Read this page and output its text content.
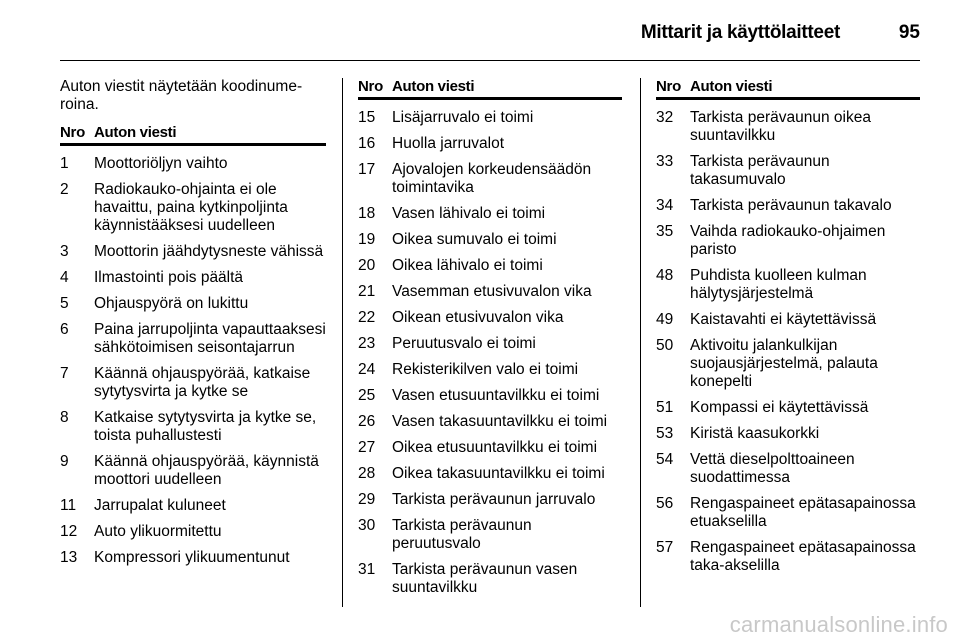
Mittarit ja käyttölaitteet	95

Auton viestit näytetään koodinumeroina.

Nro Auton viesti
1	Moottoriöljyn vaihto
2	Radiokauko-ohjainta ei ole havaittu, paina kytkinpoljinta käynnistääksesi uudelleen
3	Moottorin jäähdytysneste vähissä
4	Ilmastointi pois päältä
5	Ohjauspyörä on lukittu
6	Paina jarrupoljinta vapauttaaksesi sähkötoimisen seisontajarrun
7	Käännä ohjauspyörää, katkaise sytytysvirta ja kytke se
8	Katkaise sytytysvirta ja kytke se, toista puhallustesti
9	Käännä ohjauspyörää, käynnistä moottori uudelleen
11	Jarrupalat kuluneet
12	Auto ylikuormitettu
13	Kompressori ylikuumentunut
Nro Auton viesti
15	Lisäjarruvalo ei toimi
16	Huolla jarruvalot
17	Ajovalojen korkeudensäädön toimintavika
18	Vasen lähivalo ei toimi
19	Oikea sumuvalo ei toimi
20	Oikea lähivalo ei toimi
21	Vasemman etusivuvalon vika
22	Oikean etusivuvalon vika
23	Peruutusvalo ei toimi
24	Rekisterikilven valo ei toimi
25	Vasen etusuuntavilkku ei toimi
26	Vasen takasuuntavilkku ei toimi
27	Oikea etusuuntavilkku ei toimi
28	Oikea takasuuntavilkku ei toimi
29	Tarkista perävaunun jarruvalo
30	Tarkista perävaunun peruutusvalo
31	Tarkista perävaunun vasen suuntavilkku
Nro Auton viesti
32	Tarkista perävaunun oikea suuntavilkku
33	Tarkista perävaunun takasumuvalo
34	Tarkista perävaunun takavalo
35	Vaihda radiokauko-ohjaimen paristo
48	Puhdista kuolleen kulman hälytysjärjestelmä
49	Kaistavahti ei käytettävissä
50	Aktivoitu jalankulkijan suojausjärjestelmä, palauta konepelti
51	Kompassi ei käytettävissä
53	Kiristä kaasukorkki
54	Vettä dieselpolttoaineen suodattimessa
56	Rengaspaineet epätasapainossa etuakselilla
57	Rengaspaineet epätasapainossa taka-akselilla
carmanualsonline.info
